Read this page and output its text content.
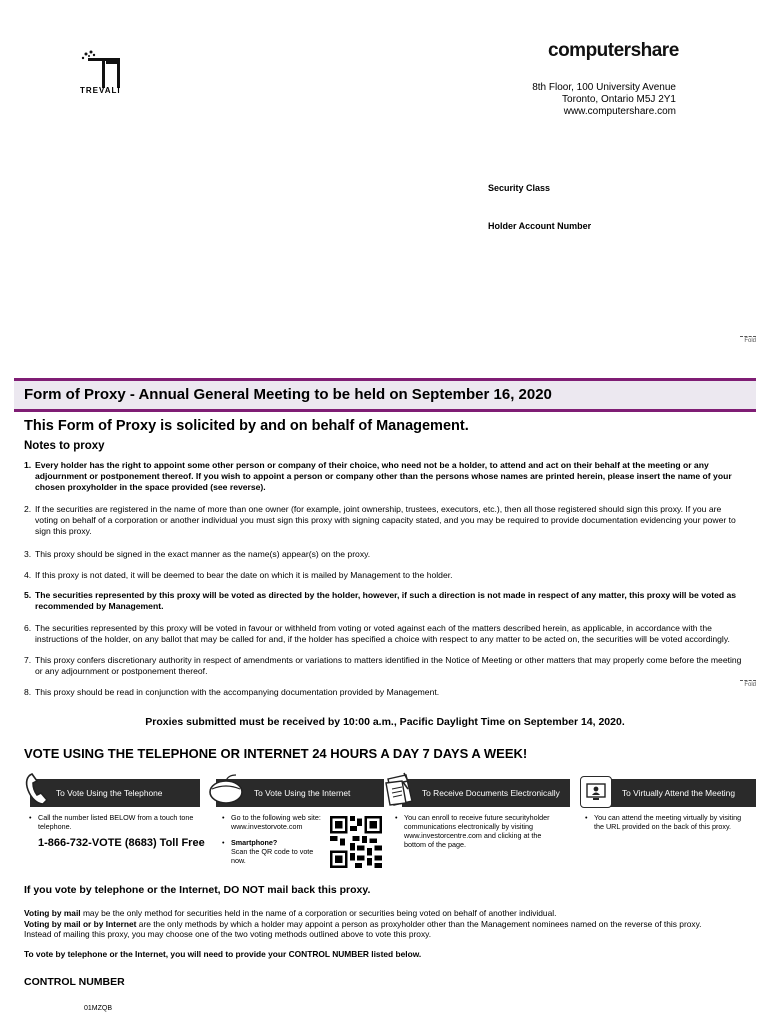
TREVALI
computershare
8th Floor, 100 University Avenue
Toronto, Ontario M5J 2Y1
www.computershare.com
Security Class
Holder Account Number
Fold
Form of Proxy - Annual General Meeting to be held on September 16, 2020
This Form of Proxy is solicited by and on behalf of Management.
Notes to proxy
1. Every holder has the right to appoint some other person or company of their choice, who need not be a holder, to attend and act on their behalf at the meeting or any adjournment or postponement thereof. If you wish to appoint a person or company other than the persons whose names are printed herein, please insert the name of your chosen proxyholder in the space provided (see reverse).
2. If the securities are registered in the name of more than one owner (for example, joint ownership, trustees, executors, etc.), then all those registered should sign this proxy. If you are voting on behalf of a corporation or another individual you must sign this proxy with signing capacity stated, and you may be required to provide documentation evidencing your power to sign this proxy.
3. This proxy should be signed in the exact manner as the name(s) appear(s) on the proxy.
4. If this proxy is not dated, it will be deemed to bear the date on which it is mailed by Management to the holder.
5. The securities represented by this proxy will be voted as directed by the holder, however, if such a direction is not made in respect of any matter, this proxy will be voted as recommended by Management.
6. The securities represented by this proxy will be voted in favour or withheld from voting or voted against each of the matters described herein, as applicable, in accordance with the instructions of the holder, on any ballot that may be called for and, if the holder has specified a choice with respect to any matter to be acted on, the securities will be voted accordingly.
7. This proxy confers discretionary authority in respect of amendments or variations to matters identified in the Notice of Meeting or other matters that may properly come before the meeting or any adjournment or postponement thereof.
8. This proxy should be read in conjunction with the accompanying documentation provided by Management.
Fold
Proxies submitted must be received by 10:00 a.m., Pacific Daylight Time on September 14, 2020.
VOTE USING THE TELEPHONE OR INTERNET 24 HOURS A DAY 7 DAYS A WEEK!
To Vote Using the Telephone
• Call the number listed BELOW from a touch tone telephone.
1-866-732-VOTE (8683) Toll Free
To Vote Using the Internet
• Go to the following web site: www.investorvote.com
• Smartphone?
Scan the QR code to vote now.
To Receive Documents Electronically
• You can enroll to receive future securityholder communications electronically by visiting www.investorcentre.com and clicking at the bottom of the page.
To Virtually Attend the Meeting
• You can attend the meeting virtually by visiting the URL provided on the back of this proxy.
If you vote by telephone or the Internet, DO NOT mail back this proxy.
Voting by mail may be the only method for securities held in the name of a corporation or securities being voted on behalf of another individual.
Voting by mail or by Internet are the only methods by which a holder may appoint a person as proxyholder other than the Management nominees named on the reverse of this proxy.
Instead of mailing this proxy, you may choose one of the two voting methods outlined above to vote this proxy.
To vote by telephone or the Internet, you will need to provide your CONTROL NUMBER listed below.
CONTROL NUMBER
01MZQB
